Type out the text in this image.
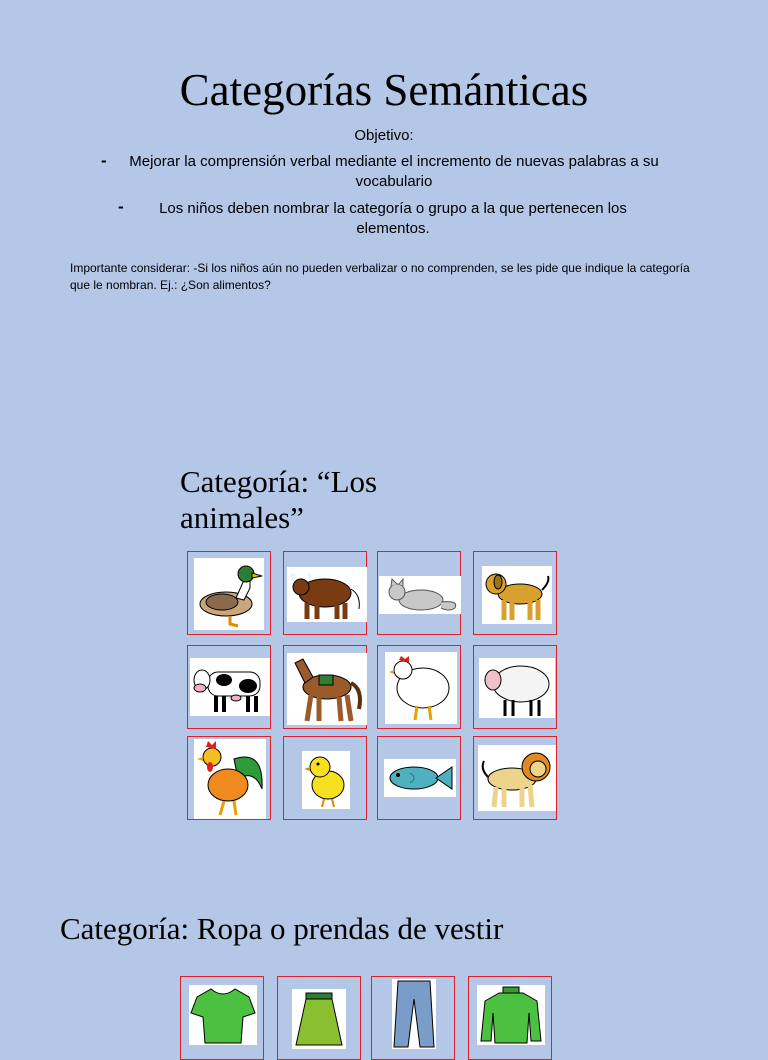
Categorías Semánticas
Objetivo:
- Mejorar la comprensión verbal mediante el incremento de nuevas palabras a su vocabulario
- Los niños deben nombrar la categoría o grupo a la que pertenecen los elementos.
Importante considerar: -Si los niños aún no pueden verbalizar o no comprenden, se les pide que indique la categoría que le nombran. Ej.: ¿Son alimentos?
Categoría: “Los animales”
Categoría: Ropa o prendas de vestir
